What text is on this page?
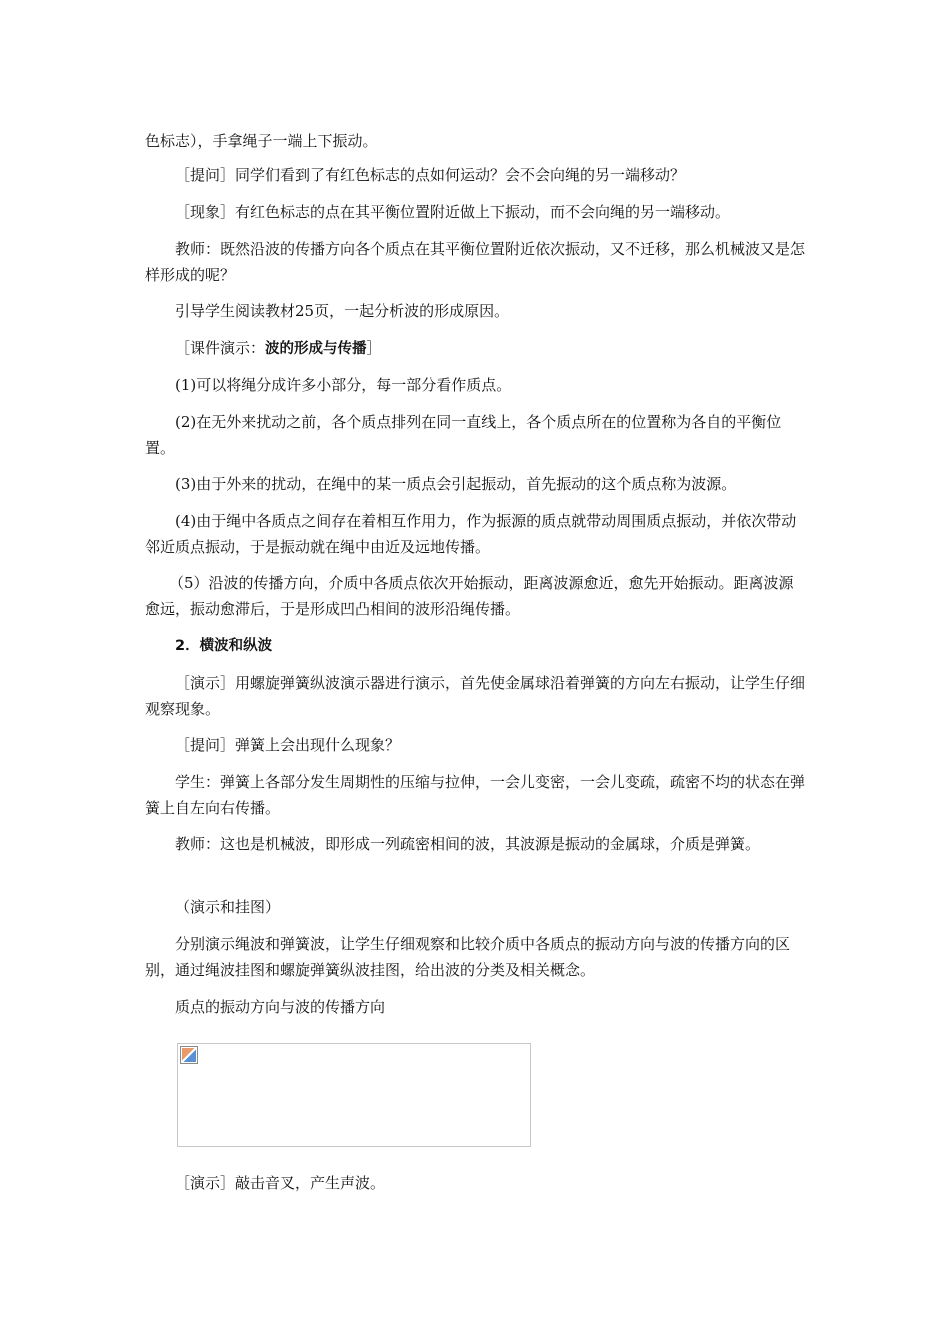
色标志），手拿绳子一端上下振动。

［提问］同学们看到了有红色标志的点如何运动？会不会向绳的另一端移动？

［现象］有红色标志的点在其平衡位置附近做上下振动，而不会向绳的另一端移动。

教师：既然沿波的传播方向各个质点在其平衡位置附近依次振动，又不迁移，那么机械波又是怎样形成的呢？

引导学生阅读教材25页，一起分析波的形成原因。

［课件演示：波的形成与传播］

(1)可以将绳分成许多小部分，每一部分看作质点。

(2)在无外来扰动之前，各个质点排列在同一直线上，各个质点所在的位置称为各自的平衡位置。

(3)由于外来的扰动，在绳中的某一质点会引起振动，首先振动的这个质点称为波源。

(4)由于绳中各质点之间存在着相互作用力，作为振源的质点就带动周围质点振动，并依次带动邻近质点振动，于是振动就在绳中由近及远地传播。

（5）沿波的传播方向，介质中各质点依次开始振动，距离波源愈近，愈先开始振动。距离波源愈远，振动愈滞后，于是形成凹凸相间的波形沿绳传播。

2．横波和纵波

［演示］用螺旋弹簧纵波演示器进行演示，首先使金属球沿着弹簧的方向左右振动，让学生仔细观察现象。

［提问］弹簧上会出现什么现象？

学生：弹簧上各部分发生周期性的压缩与拉伸，一会儿变密，一会儿变疏，疏密不均的状态在弹簧上自左向右传播。

教师：这也是机械波，即形成一列疏密相间的波，其波源是振动的金属球，介质是弹簧。

（演示和挂图）

分别演示绳波和弹簧波，让学生仔细观察和比较介质中各质点的振动方向与波的传播方向的区别，通过绳波挂图和螺旋弹簧纵波挂图，给出波的分类及相关概念。

质点的振动方向与波的传播方向

［演示］敲击音叉，产生声波。
